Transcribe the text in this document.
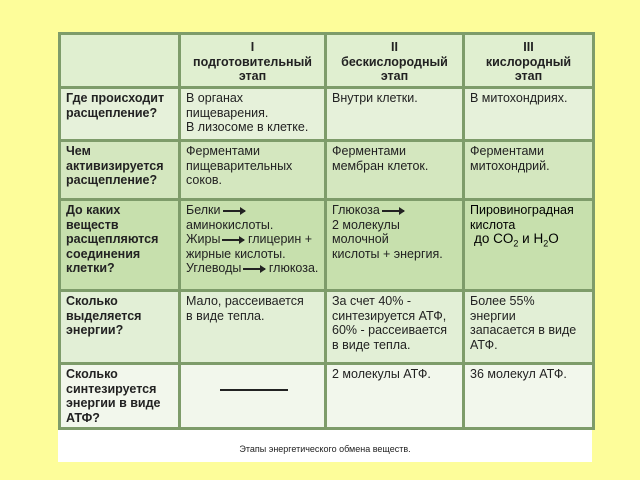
	I
подготовительный
этап	II
бескислородный
этап	III
кислородный
этап

Где происходит
расщепление?	В органах
пищеварения.
В лизосоме в клетке.	Внутри клетки.	В митохондриях.

Чем
активизируется
расщепление?	Ферментами
пищеварительных
соков.	Ферментами
мембран клеток.	Ферментами
митохондрий.

До каких
веществ
расщепляются
соединения
клетки?	Белки
аминокислоты.
Жиры глицерин +
жирные кислоты.
Углеводы глюкоза.	Глюкоза
2 молекулы
молочной
кислоты + энергия.	Пировиноградная
кислота
до $CO_2$ и $H_2O$

Сколько
выделяется
энергии?	Мало, рассеивается
в виде тепла.	За счет 40% -
синтезируется АТФ,
60% - рассеивается
в виде тепла.	Более 55%
энергии
запасается в виде
АТФ.

Сколько
синтезируется
энергии в виде
АТФ?		2 молекулы АТФ.	36 молекул АТФ.
Этапы энергетического обмена веществ.
